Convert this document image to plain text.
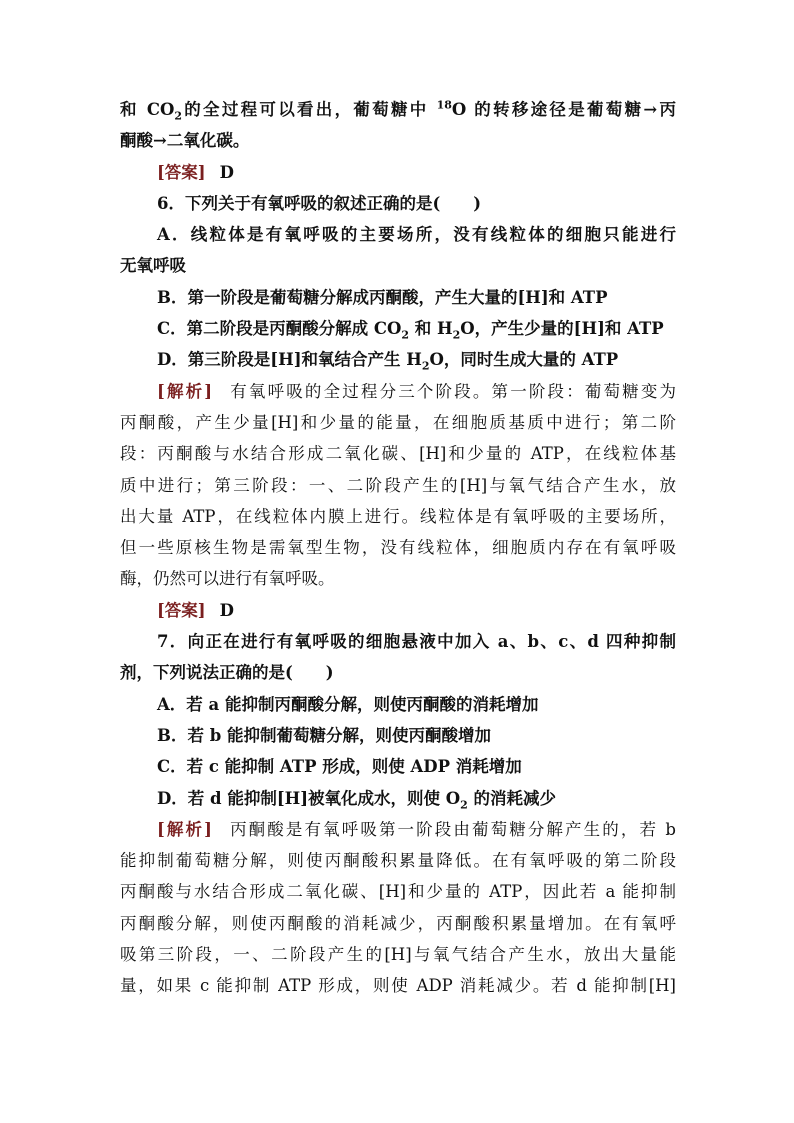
和 $CO_2$的全过程可以看出，葡萄糖中 $^{18}$O 的转移途径是葡萄糖→丙
酮酸→二氧化碳。
[答案] D
6．下列关于有氧呼吸的叙述正确的是(　　)
A．线粒体是有氧呼吸的主要场所，没有线粒体的细胞只能进行
无氧呼吸
B．第一阶段是葡萄糖分解成丙酮酸，产生大量的[H]和 ATP
C．第二阶段是丙酮酸分解成 $CO_2$ 和 $H_2O$，产生少量的[H]和 ATP
D．第三阶段是[H]和氧结合产生 $H_2O$，同时生成大量的 ATP
[解析] 有氧呼吸的全过程分三个阶段。第一阶段：葡萄糖变为
丙酮酸，产生少量[H]和少量的能量，在细胞质基质中进行；第二阶
段：丙酮酸与水结合形成二氧化碳、[H]和少量的 ATP，在线粒体基
质中进行；第三阶段：一、二阶段产生的[H]与氧气结合产生水，放
出大量 ATP，在线粒体内膜上进行。线粒体是有氧呼吸的主要场所，
但一些原核生物是需氧型生物，没有线粒体，细胞质内存在有氧呼吸
酶，仍然可以进行有氧呼吸。
[答案] D
7．向正在进行有氧呼吸的细胞悬液中加入 a、b、c、d 四种抑制
剂，下列说法正确的是(　　)
A．若 a 能抑制丙酮酸分解，则使丙酮酸的消耗增加
B．若 b 能抑制葡萄糖分解，则使丙酮酸增加
C．若 c 能抑制 ATP 形成，则使 ADP 消耗增加
D．若 d 能抑制[H]被氧化成水，则使 $O_2$ 的消耗减少
[解析] 丙酮酸是有氧呼吸第一阶段由葡萄糖分解产生的，若 b
能抑制葡萄糖分解，则使丙酮酸积累量降低。在有氧呼吸的第二阶段
丙酮酸与水结合形成二氧化碳、[H]和少量的 ATP，因此若 a 能抑制
丙酮酸分解，则使丙酮酸的消耗减少，丙酮酸积累量增加。在有氧呼
吸第三阶段，一、二阶段产生的[H]与氧气结合产生水，放出大量能
量，如果 c 能抑制 ATP 形成，则使 ADP 消耗减少。若 d 能抑制[H]
